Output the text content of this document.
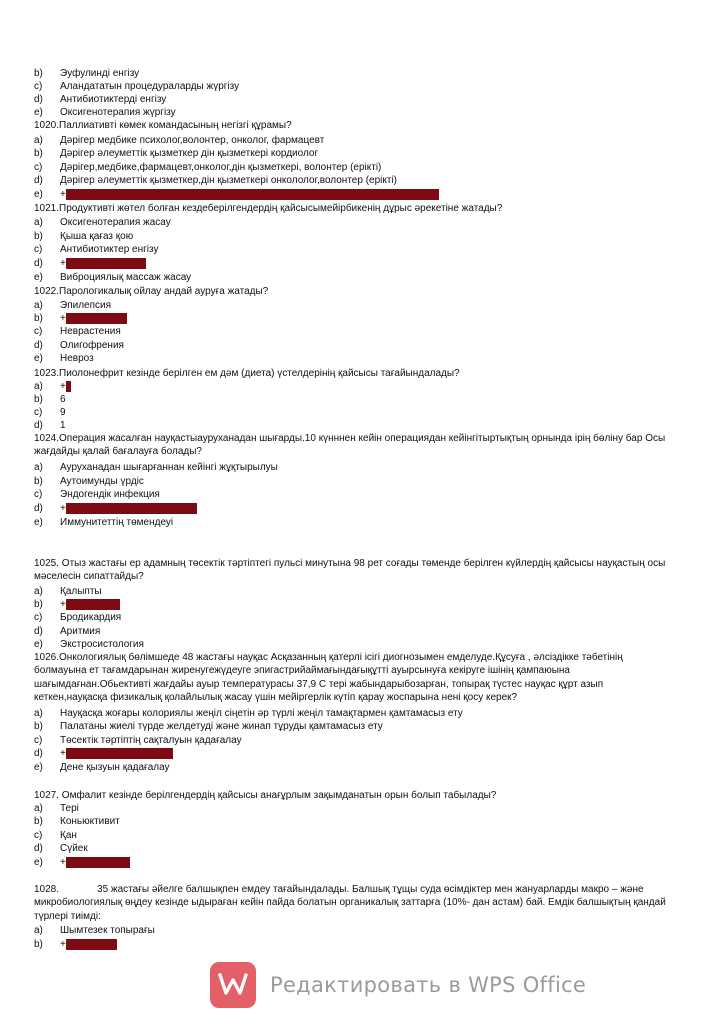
b) Эуфулинді енгізу
c) Аландататын процедураларды жүргізу
d) Антибиотиктерді енгізу
e) Оксигенотерапия жүргізу
1020.Паллиативті көмек командасының негізгі құрамы?
a) Дәрігер медбике психолог,волонтер, онколог, фармацевт
b) Дәрігер әлеуметтік қызметкер дін қызметкері кордиолог
c) Дәрігер,медбике,фармацевт,онколог,дін қызметкері, волонтер (ерікті)
d) Дәрігер әлеуметтік қызметкер,дін қызметкері онкололог,волонтер (ерікті)
e) +Дәрігер,медбике,әлеуметтік қызметкер,психолог,дін қызметкері,волонтер (ерікті)
1021.Продуктивті жөтел болған кездеберілгендердің қайсысымейірбикенің дұрыс әрекетіне жатады?
a) Оксигенотерапия жасау
b) Қыша қағаз қою
c) Антибиотиктер енгізу
d) +Ингаляция жасау
e) Виброциялық массаж жасау
1022.Парологикалық ойлау андай ауруға жатады?
a) Эпилепсия
b) +Шизофрения
c) Неврастения
d) Олигофрения
e) Невроз
1023.Пиолонефрит кезінде берілген ем дәм (диета) үстелдерінің қайсысы тағайындалады?
a) +7
b) 6
c) 9
d) 1
1024.Операция жасалған науқастыауруханадан шығарды.10 күнннен кейін операциядан кейінгітыртықтың орнында ірің бөліну бар Осы жағдайды қалай бағалауға болады?
a) Ауруханадан шығарғаннан кейінгі жұқтырылуы
b) Аутоимунды үрдіс
c) Эндогендік инфекция
d) +Операциядан кейінгі асқыну
e) Иммунитеттің төмендеуі
1025. Отыз жастағы ер адамның төсектік тәртіптегі пульсі минутына 98 рет соғады төменде берілген күйлердің қайсысы науқастың осы мәселесін сипаттайды?
a) Қалыпты
b) +Тахикардия
c) Бродикардия
d) Аритмия
e) Экстросистология
1026.Онкологиялық бөлімшеде 48 жастағы науқас Асқазанның қатерлі ісігі диогнозымен емделуде.Құсуға , әлсіздікке тәбетінің болмауына ет тағамдарынан жиренугежүдеуге эпигастрийаймағындағықұтті ауырсынуға кекіруге ішінің қампаюына шағымдағнан.Обьективті жағдайы ауыр температурасы 37,9 С тері жабындарыбозарған, топырақ түстес науқас құрт азып кеткен,науқасқа физикалық қолайлылық жасау үшін мейіргерлік күтіп қарау жоспарына нені қосу керек?
a) Науқасқа жоғары колориялы жеңіл сіңетін әр түрлі жеңіл тамақтармен қамтамасыз ету
b) Палатаны жиелі түрде желдетуді және жинап тұруды қамтамасыз ету
c) Төсектік тәртіптің сақталуын қадағалау
d) +Қолайлы жағдай жасау
e) Дене қызуын қадағалау
1027. Омфалит кезінде берілгендердің қайсысы анағұрлым зақымданатын орын болып табылады?
a) Тері
b) Коньюктивит
c) Қан
d) Сүйек
e) +Кіндік жарасы
1028.	35 жастағы әйелге балшықпен емдеу тағайындалады. Балшық тұщы суда өсімдіктер мен жануарларды макро – және микробиологиялық өңдеу кезінде ыдыраған кейін пайда болатын органикалық заттарға (10%- дан астам) бай. Емдік балшықтың қандай түрлері тиімді:
a) Шымтезек топырағы
b) +Сапропель
Редактировать в WPS Office
